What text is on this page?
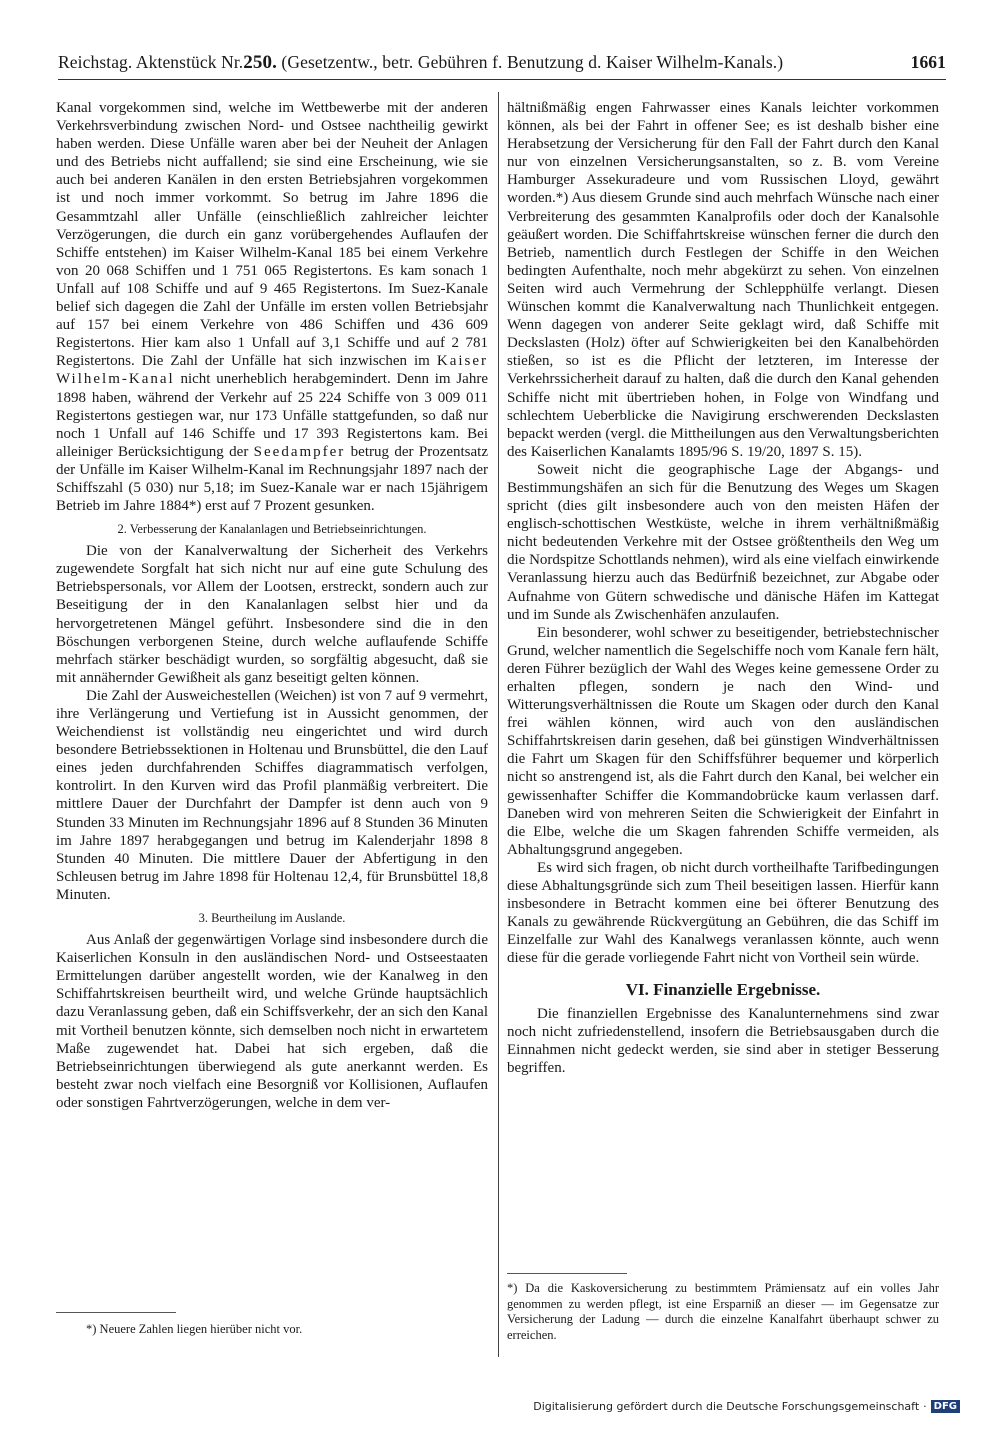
Reichstag. Aktenstück Nr.250. (Gesetzentw., betr. Gebühren f. Benutzung d. Kaiser Wilhelm-Kanals.)	1661

Kanal vorgekommen sind, welche im Wettbewerbe mit der anderen Verkehrsverbindung zwischen Nord- und Ostsee nachtheilig gewirkt haben werden. Diese Unfälle waren aber bei der Neuheit der Anlagen und des Betriebs nicht auffallend; sie sind eine Erscheinung, wie sie auch bei anderen Kanälen in den ersten Betriebsjahren vorgekommen ist und noch immer vorkommt. So betrug im Jahre 1896 die Gesammtzahl aller Unfälle (einschließlich zahlreicher leichter Verzögerungen, die durch ein ganz vorübergehendes Auflaufen der Schiffe entstehen) im Kaiser Wilhelm-Kanal 185 bei einem Verkehre von 20 068 Schiffen und 1 751 065 Registertons. Es kam sonach 1 Unfall auf 108 Schiffe und auf 9 465 Registertons. Im Suez-Kanale belief sich dagegen die Zahl der Unfälle im ersten vollen Betriebsjahr auf 157 bei einem Verkehre von 486 Schiffen und 436 609 Registertons. Hier kam also 1 Unfall auf 3,1 Schiffe und auf 2 781 Registertons. Die Zahl der Unfälle hat sich inzwischen im Kaiser Wilhelm-Kanal nicht unerheblich herabgemindert. Denn im Jahre 1898 haben, während der Verkehr auf 25 224 Schiffe von 3 009 011 Registertons gestiegen war, nur 173 Unfälle stattgefunden, so daß nur noch 1 Unfall auf 146 Schiffe und 17 393 Registertons kam. Bei alleiniger Berücksichtigung der Seedampfer betrug der Prozentsatz der Unfälle im Kaiser Wilhelm-Kanal im Rechnungsjahr 1897 nach der Schiffszahl (5 030) nur 5,18; im Suez-Kanale war er nach 15jährigem Betrieb im Jahre 1884*) erst auf 7 Prozent gesunken.

2. Verbesserung der Kanalanlagen und Betriebseinrichtungen.

Die von der Kanalverwaltung der Sicherheit des Verkehrs zugewendete Sorgfalt hat sich nicht nur auf eine gute Schulung des Betriebspersonals, vor Allem der Lootsen, erstreckt, sondern auch zur Beseitigung der in den Kanalanlagen selbst hier und da hervorgetretenen Mängel geführt. Insbesondere sind die in den Böschungen verborgenen Steine, durch welche auflaufende Schiffe mehrfach stärker beschädigt wurden, so sorgfältig abgesucht, daß sie mit annähernder Gewißheit als ganz beseitigt gelten können.

Die Zahl der Ausweichestellen (Weichen) ist von 7 auf 9 vermehrt, ihre Verlängerung und Vertiefung ist in Aussicht genommen, der Weichendienst ist vollständig neu eingerichtet und wird durch besondere Betriebssektionen in Holtenau und Brunsbüttel, die den Lauf eines jeden durchfahrenden Schiffes diagrammatisch verfolgen, kontrolirt. In den Kurven wird das Profil planmäßig verbreitert. Die mittlere Dauer der Durchfahrt der Dampfer ist denn auch von 9 Stunden 33 Minuten im Rechnungsjahr 1896 auf 8 Stunden 36 Minuten im Jahre 1897 herabgegangen und betrug im Kalenderjahr 1898 8 Stunden 40 Minuten. Die mittlere Dauer der Abfertigung in den Schleusen betrug im Jahre 1898 für Holtenau 12,4, für Brunsbüttel 18,8 Minuten.

3. Beurtheilung im Auslande.

Aus Anlaß der gegenwärtigen Vorlage sind insbesondere durch die Kaiserlichen Konsuln in den ausländischen Nord- und Ostseestaaten Ermittelungen darüber angestellt worden, wie der Kanalweg in den Schiffahrtskreisen beurtheilt wird, und welche Gründe hauptsächlich dazu Veranlassung geben, daß ein Schiffsverkehr, der an sich den Kanal mit Vortheil benutzen könnte, sich demselben noch nicht in erwartetem Maße zugewendet hat. Dabei hat sich ergeben, daß die Betriebseinrichtungen überwiegend als gute anerkannt werden. Es besteht zwar noch vielfach eine Besorgniß vor Kollisionen, Auflaufen oder sonstigen Fahrtverzögerungen, welche in dem ver-

hältnißmäßig engen Fahrwasser eines Kanals leichter vorkommen können, als bei der Fahrt in offener See; es ist deshalb bisher eine Herabsetzung der Versicherung für den Fall der Fahrt durch den Kanal nur von einzelnen Versicherungsanstalten, so z. B. vom Vereine Hamburger Assekuradeure und vom Russischen Lloyd, gewährt worden.*) Aus diesem Grunde sind auch mehrfach Wünsche nach einer Verbreiterung des gesammten Kanalprofils oder doch der Kanalsohle geäußert worden. Die Schiffahrtskreise wünschen ferner die durch den Betrieb, namentlich durch Festlegen der Schiffe in den Weichen bedingten Aufenthalte, noch mehr abgekürzt zu sehen. Von einzelnen Seiten wird auch Vermehrung der Schlepphülfe verlangt. Diesen Wünschen kommt die Kanalverwaltung nach Thunlichkeit entgegen. Wenn dagegen von anderer Seite geklagt wird, daß Schiffe mit Deckslasten (Holz) öfter auf Schwierigkeiten bei den Kanalbehörden stießen, so ist es die Pflicht der letzteren, im Interesse der Verkehrssicherheit darauf zu halten, daß die durch den Kanal gehenden Schiffe nicht mit übertrieben hohen, in Folge von Windfang und schlechtem Ueberblicke die Navigirung erschwerenden Deckslasten bepackt werden (vergl. die Mittheilungen aus den Verwaltungsberichten des Kaiserlichen Kanalamts 1895/96 S. 19/20, 1897 S. 15).

Soweit nicht die geographische Lage der Abgangs- und Bestimmungshäfen an sich für die Benutzung des Weges um Skagen spricht (dies gilt insbesondere auch von den meisten Häfen der englisch-schottischen Westküste, welche in ihrem verhältnißmäßig nicht bedeutenden Verkehre mit der Ostsee größtentheils den Weg um die Nordspitze Schottlands nehmen), wird als eine vielfach einwirkende Veranlassung hierzu auch das Bedürfniß bezeichnet, zur Abgabe oder Aufnahme von Gütern schwedische und dänische Häfen im Kattegat und im Sunde als Zwischenhäfen anzulaufen.

Ein besonderer, wohl schwer zu beseitigender, betriebstechnischer Grund, welcher namentlich die Segelschiffe noch vom Kanale fern hält, deren Führer bezüglich der Wahl des Weges keine gemessene Order zu erhalten pflegen, sondern je nach den Wind- und Witterungsverhältnissen die Route um Skagen oder durch den Kanal frei wählen können, wird auch von den ausländischen Schiffahrtskreisen darin gesehen, daß bei günstigen Windverhältnissen die Fahrt um Skagen für den Schiffsführer bequemer und körperlich nicht so anstrengend ist, als die Fahrt durch den Kanal, bei welcher ein gewissenhafter Schiffer die Kommandobrücke kaum verlassen darf. Daneben wird von mehreren Seiten die Schwierigkeit der Einfahrt in die Elbe, welche die um Skagen fahrenden Schiffe vermeiden, als Abhaltungsgrund angegeben.

Es wird sich fragen, ob nicht durch vortheilhafte Tarifbedingungen diese Abhaltungsgründe sich zum Theil beseitigen lassen. Hierfür kann insbesondere in Betracht kommen eine bei öfterer Benutzung des Kanals zu gewährende Rückvergütung an Gebühren, die das Schiff im Einzelfalle zur Wahl des Kanalwegs veranlassen könnte, auch wenn diese für die gerade vorliegende Fahrt nicht von Vortheil sein würde.

VI. Finanzielle Ergebnisse.

Die finanziellen Ergebnisse des Kanalunternehmens sind zwar noch nicht zufriedenstellend, insofern die Betriebsausgaben durch die Einnahmen nicht gedeckt werden, sie sind aber in stetiger Besserung begriffen.

*) Neuere Zahlen liegen hierüber nicht vor.
*) Da die Kaskoversicherung zu bestimmtem Prämiensatz auf ein volles Jahr genommen zu werden pflegt, ist eine Ersparniß an dieser — im Gegensatze zur Versicherung der Ladung — durch die einzelne Kanalfahrt überhaupt schwer zu erreichen.
Digitalisierung gefördert durch die Deutsche Forschungsgemeinschaft · DFG
